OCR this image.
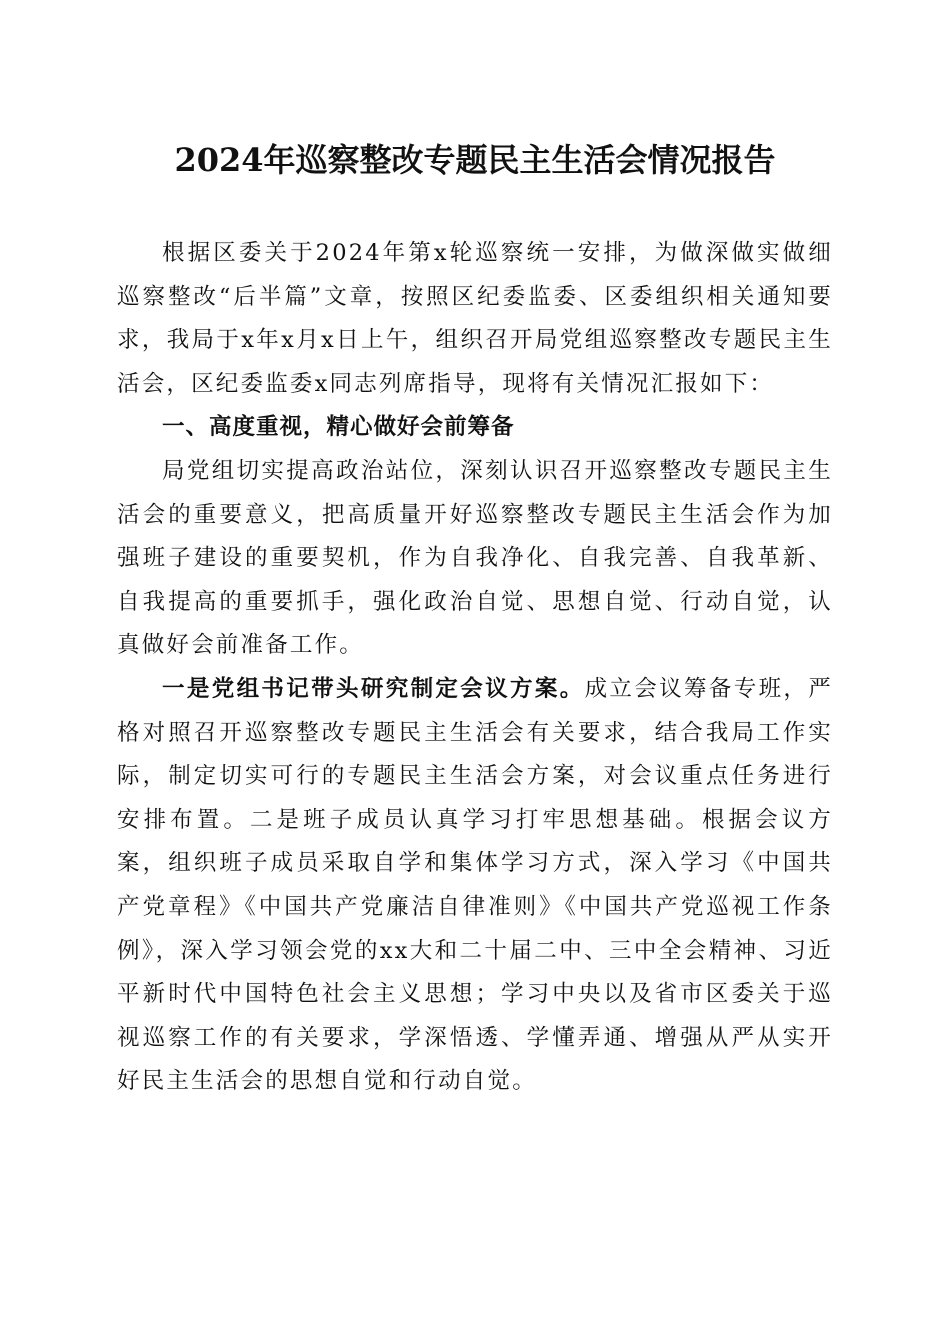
2024年巡察整改专题民主生活会情况报告

根据区委关于2024年第x轮巡察统一安排，为做深做实做细巡察整改“后半篇”文章，按照区纪委监委、区委组织相关通知要求，我局于x年x月x日上午，组织召开局党组巡察整改专题民主生活会，区纪委监委x同志列席指导，现将有关情况汇报如下：

一、高度重视，精心做好会前筹备

局党组切实提高政治站位，深刻认识召开巡察整改专题民主生活会的重要意义，把高质量开好巡察整改专题民主生活会作为加强班子建设的重要契机，作为自我净化、自我完善、自我革新、自我提高的重要抓手，强化政治自觉、思想自觉、行动自觉，认真做好会前准备工作。

一是党组书记带头研究制定会议方案。成立会议筹备专班，严格对照召开巡察整改专题民主生活会有关要求，结合我局工作实际，制定切实可行的专题民主生活会方案，对会议重点任务进行安排布置。二是班子成员认真学习打牢思想基础。根据会议方案，组织班子成员采取自学和集体学习方式，深入学习《中国共产党章程》《中国共产党廉洁自律准则》《中国共产党巡视工作条例》，深入学习领会党的xx大和二十届二中、三中全会精神、习近平新时代中国特色社会主义思想；学习中央以及省市区委关于巡视巡察工作的有关要求，学深悟透、学懂弄通、增强从严从实开好民主生活会的思想自觉和行动自觉。
